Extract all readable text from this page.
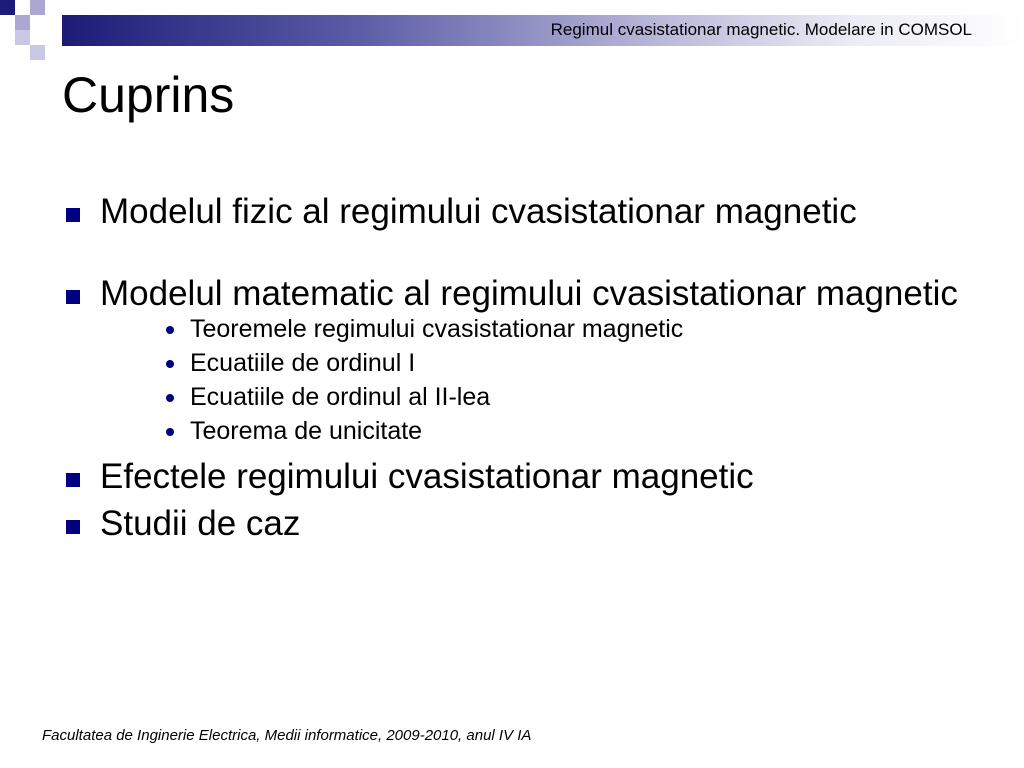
Regimul cvasistationar magnetic. Modelare in COMSOL
Cuprins
Modelul fizic al regimului cvasistationar magnetic
Modelul matematic al regimului cvasistationar magnetic
Teoremele regimului cvasistationar magnetic
Ecuatiile de ordinul I
Ecuatiile de ordinul al II-lea
Teorema de unicitate
Efectele regimului cvasistationar magnetic
Studii de caz
Facultatea de Inginerie Electrica, Medii informatice, 2009-2010, anul IV IA
